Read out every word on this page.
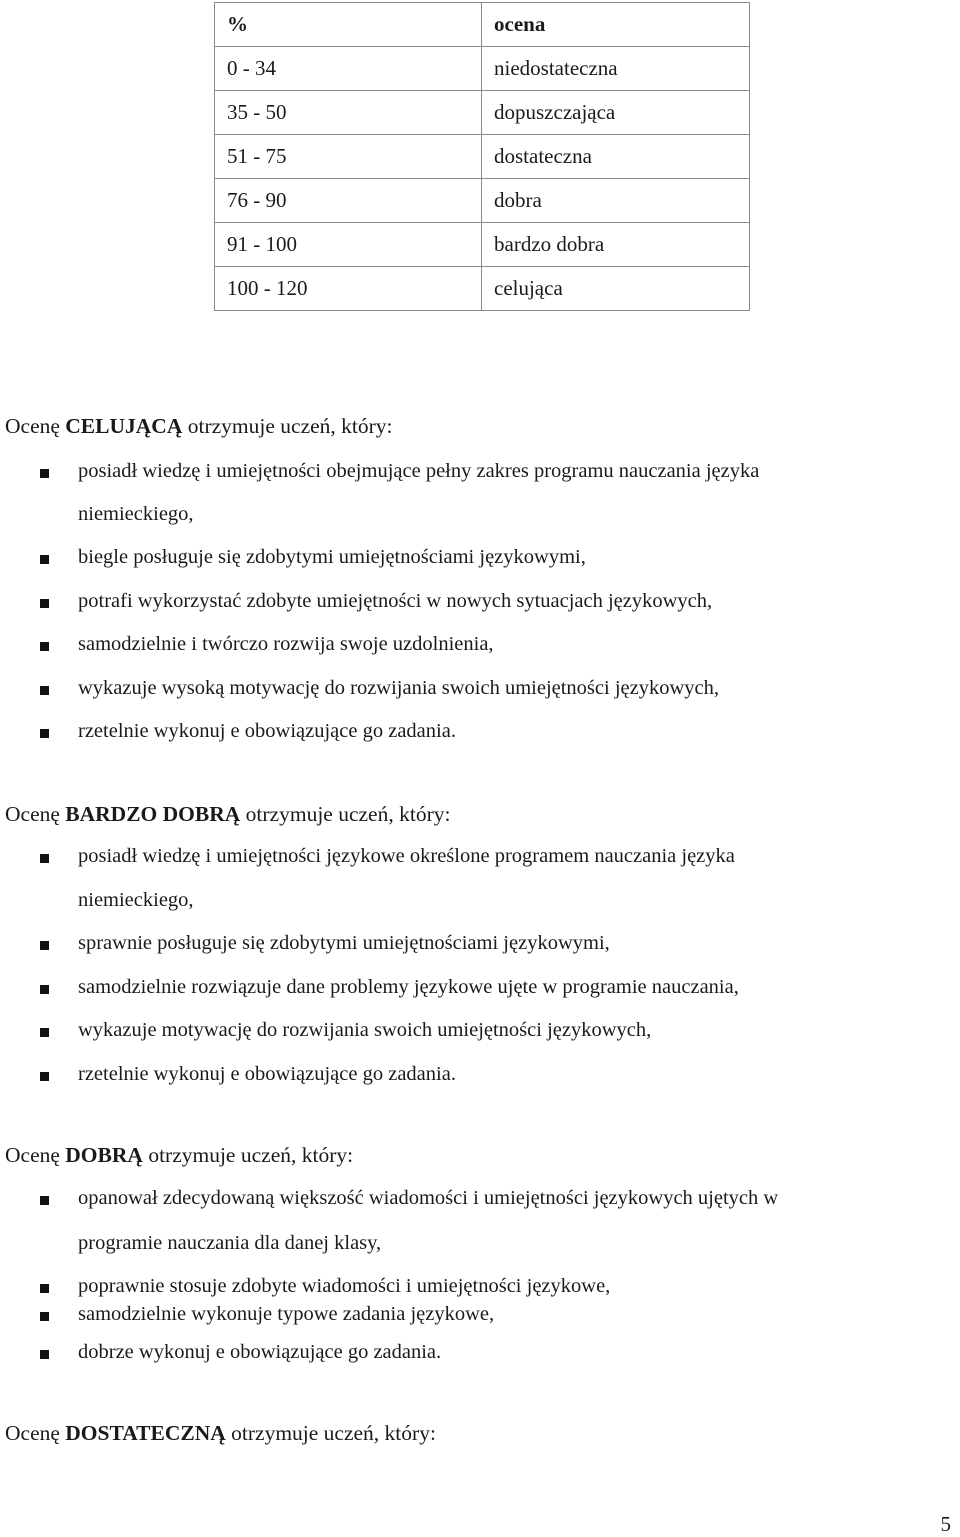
%	ocena
0 - 34	niedostateczna
35 - 50	dopuszczająca
51 - 75	dostateczna
76 - 90	dobra
91 - 100	bardzo dobra
100 - 120	celująca
Ocenę CELUJĄCĄ otrzymuje uczeń, który:
posiadł wiedzę i umiejętności obejmujące pełny zakres programu nauczania języka
niemieckiego,
biegle posługuje się zdobytymi umiejętnościami językowymi,
potrafi wykorzystać zdobyte umiejętności w nowych sytuacjach językowych,
samodzielnie i twórczo rozwija swoje uzdolnienia,
wykazuje wysoką motywację do rozwijania swoich umiejętności językowych,
rzetelnie wykonuj e obowiązujące go zadania.
Ocenę BARDZO DOBRĄ otrzymuje uczeń, który:
posiadł wiedzę i umiejętności językowe określone programem nauczania języka
niemieckiego,
sprawnie posługuje się zdobytymi umiejętnościami językowymi,
samodzielnie rozwiązuje dane problemy językowe ujęte w programie nauczania,
wykazuje motywację do rozwijania swoich umiejętności językowych,
rzetelnie wykonuj e obowiązujące go zadania.
Ocenę DOBRĄ otrzymuje uczeń, który:
opanował zdecydowaną większość wiadomości i umiejętności językowych ujętych w
programie nauczania dla danej klasy,
poprawnie stosuje zdobyte wiadomości i umiejętności językowe,
samodzielnie wykonuje typowe zadania językowe,
dobrze wykonuj e obowiązujące go zadania.
Ocenę DOSTATECZNĄ otrzymuje uczeń, który:
5
